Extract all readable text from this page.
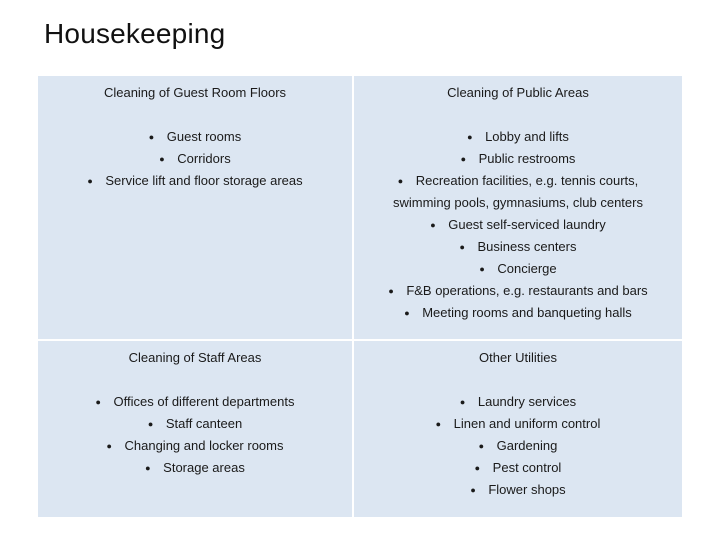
Housekeeping
Cleaning of Guest Room Floors
● Guest rooms
● Corridors
● Service lift and floor storage areas
Cleaning of Public Areas
● Lobby and lifts
● Public restrooms
● Recreation facilities, e.g. tennis courts, swimming pools, gymnasiums, club centers
● Guest self-serviced laundry
● Business centers
● Concierge
● F&B operations, e.g. restaurants and bars
● Meeting rooms and banqueting halls
Cleaning of Staff Areas
● Offices of different departments
● Staff canteen
● Changing and locker rooms
● Storage areas
Other Utilities
● Laundry services
● Linen and uniform control
● Gardening
● Pest control
● Flower shops
